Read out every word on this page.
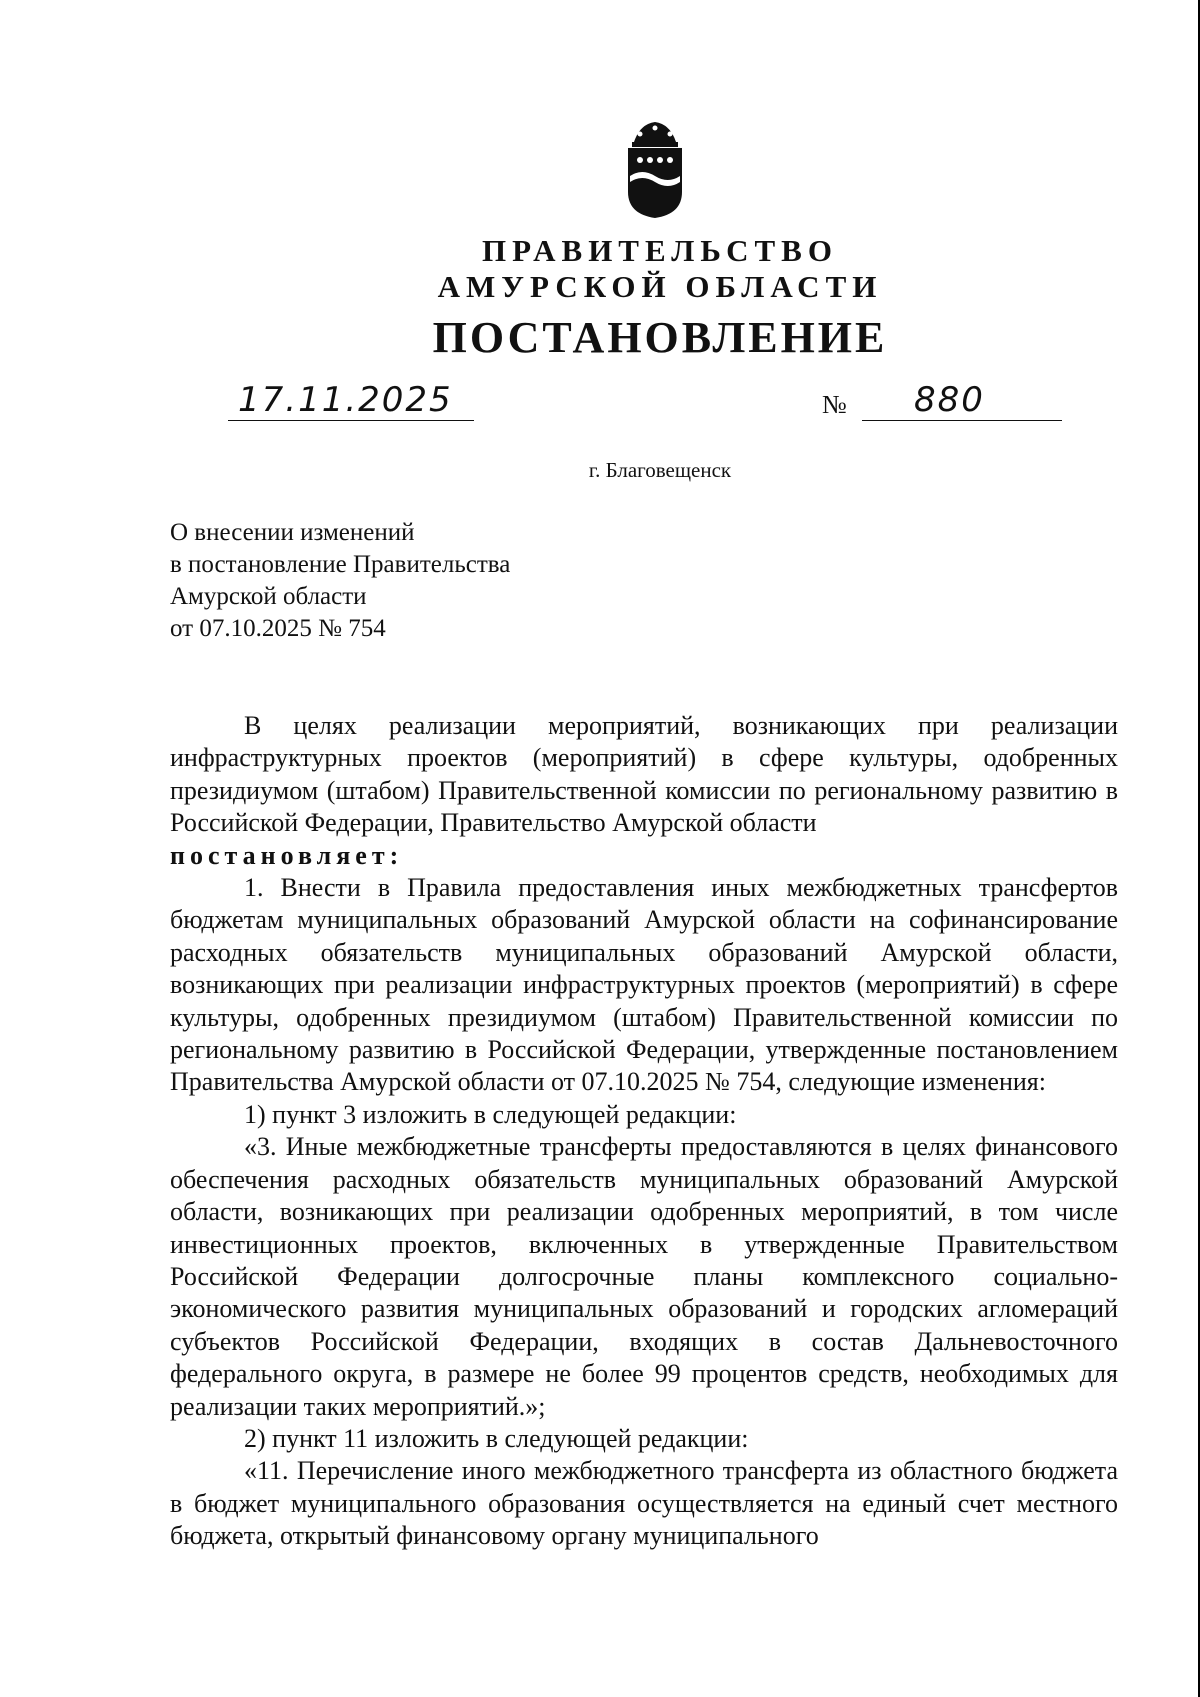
ПРАВИТЕЛЬСТВО
АМУРСКОЙ ОБЛАСТИ
ПОСТАНОВЛЕНИЕ
17.11.2025	№ 880
г. Благовещенск
О внесении изменений
в постановление Правительства
Амурской области
от 07.10.2025 № 754

В целях реализации мероприятий, возникающих при реализации инфраструктурных проектов (мероприятий) в сфере культуры, одобренных президиумом (штабом) Правительственной комиссии по региональному развитию в Российской Федерации, Правительство Амурской области

постановляет:

1. Внести в Правила предоставления иных межбюджетных трансфертов бюджетам муниципальных образований Амурской области на софинансирование расходных обязательств муниципальных образований Амурской области, возникающих при реализации инфраструктурных проектов (мероприятий) в сфере культуры, одобренных президиумом (штабом) Правительственной комиссии по региональному развитию в Российской Федерации, утвержденные постановлением Правительства Амурской области от 07.10.2025 № 754, следующие изменения:

1) пункт 3 изложить в следующей редакции:

«3. Иные межбюджетные трансферты предоставляются в целях финансового обеспечения расходных обязательств муниципальных образований Амурской области, возникающих при реализации одобренных мероприятий, в том числе инвестиционных проектов, включенных в утвержденные Правительством Российской Федерации долгосрочные планы комплексного социально-экономического развития муниципальных образований и городских агломераций субъектов Российской Федерации, входящих в состав Дальневосточного федерального округа, в размере не более 99 процентов средств, необходимых для реализации таких мероприятий.»;

2) пункт 11 изложить в следующей редакции:

«11. Перечисление иного межбюджетного трансферта из областного бюджета в бюджет муниципального образования осуществляется на единый счет местного бюджета, открытый финансовому органу муниципального
